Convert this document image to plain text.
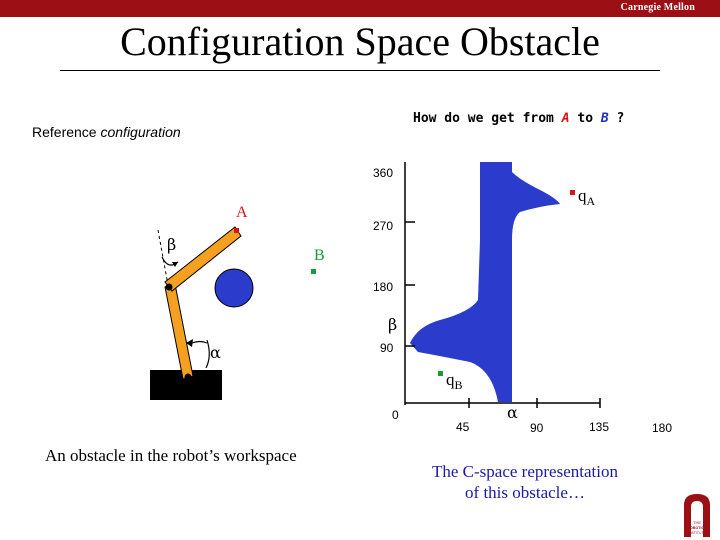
Carnegie Mellon
Configuration Space Obstacle
How do we get from A to B ?
Reference configuration
A
B
β
α
360
270
180
90
0
45	90	135	180
β
α
$q_A$
$q_B$
An obstacle in the robot’s workspace
The C-space representation
of this obstacle…
THE
ROBOTICS
INSTITUTE
